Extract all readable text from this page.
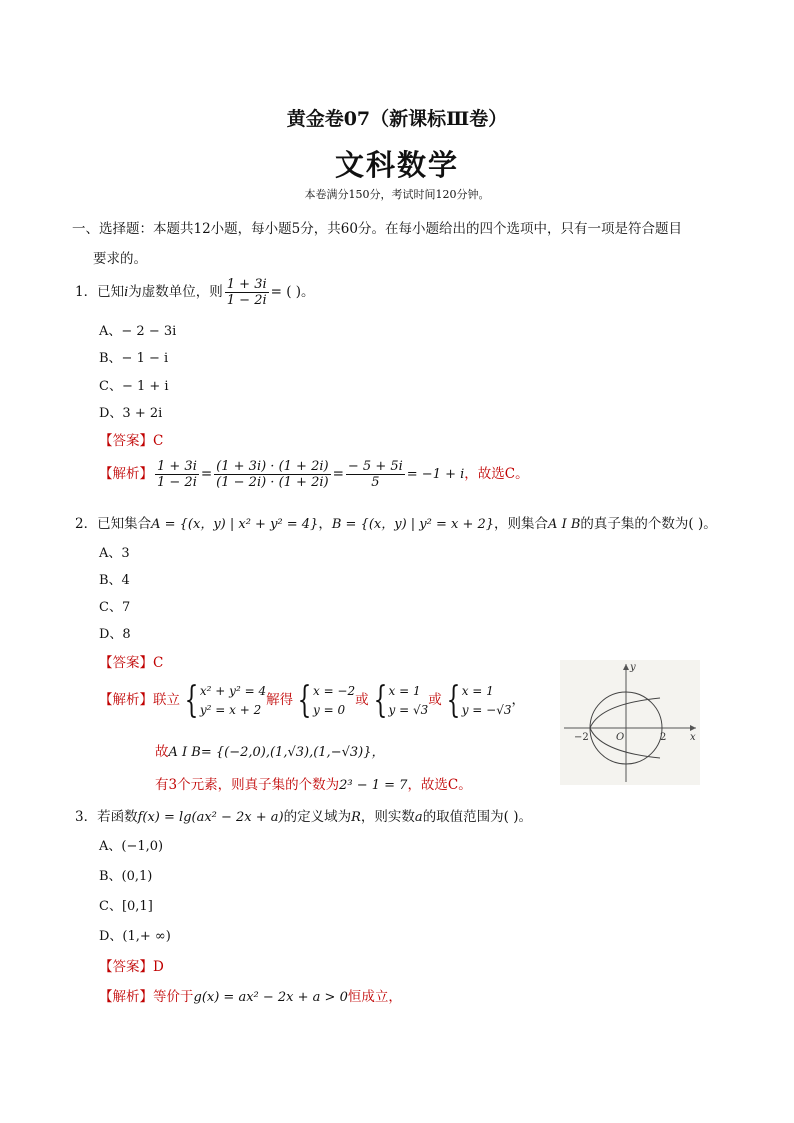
黄金卷07（新课标Ⅲ卷）
文科数学
本卷满分150分，考试时间120分钟。
一、选择题：本题共12小题，每小题5分，共60分。在每小题给出的四个选项中，只有一项是符合题目
要求的。
1．已知i为虚数单位，则 $\frac{1 + 3i}{1 - 2i}$ = ( )。
A、− 2 − 3i
B、− 1 − i
C、− 1 + i
D、3 + 2i
【答案】C
【解析】 $\frac{1 + 3i}{1 - 2i} = \frac{(1 + 3i) \cdot (1 + 2i)}{(1 - 2i) \cdot (1 + 2i)} = \frac{- 5 + 5i}{5} = -1 + i$，故选C。
2．已知集合A = {(x，y) | x² + y² = 4}，B = {(x，y) | y² = x + 2}，则集合A I B的真子集的个数为( )。
A、3
B、4
C、7
D、8
【答案】C
【解析】联立 { x² + y² = 4
y² = x + 2
解得 { x = −2
y = 0
或 { x = 1
y = √3
或 { x = 1
y = −√3
，
故A I B= {(−2,0),(1,√3),(1,−√3)}，
有3个元素，则真子集的个数为2³ − 1 = 7，故选C。
y
x
O
−2	2
3．若函数f(x) = lg(ax² − 2x + a)的定义域为R，则实数a的取值范围为( )。
A、(−1,0)
B、(0,1)
C、[0,1]
D、(1,+ ∞)
【答案】D
【解析】等价于g(x) = ax² − 2x + a > 0恒成立，
